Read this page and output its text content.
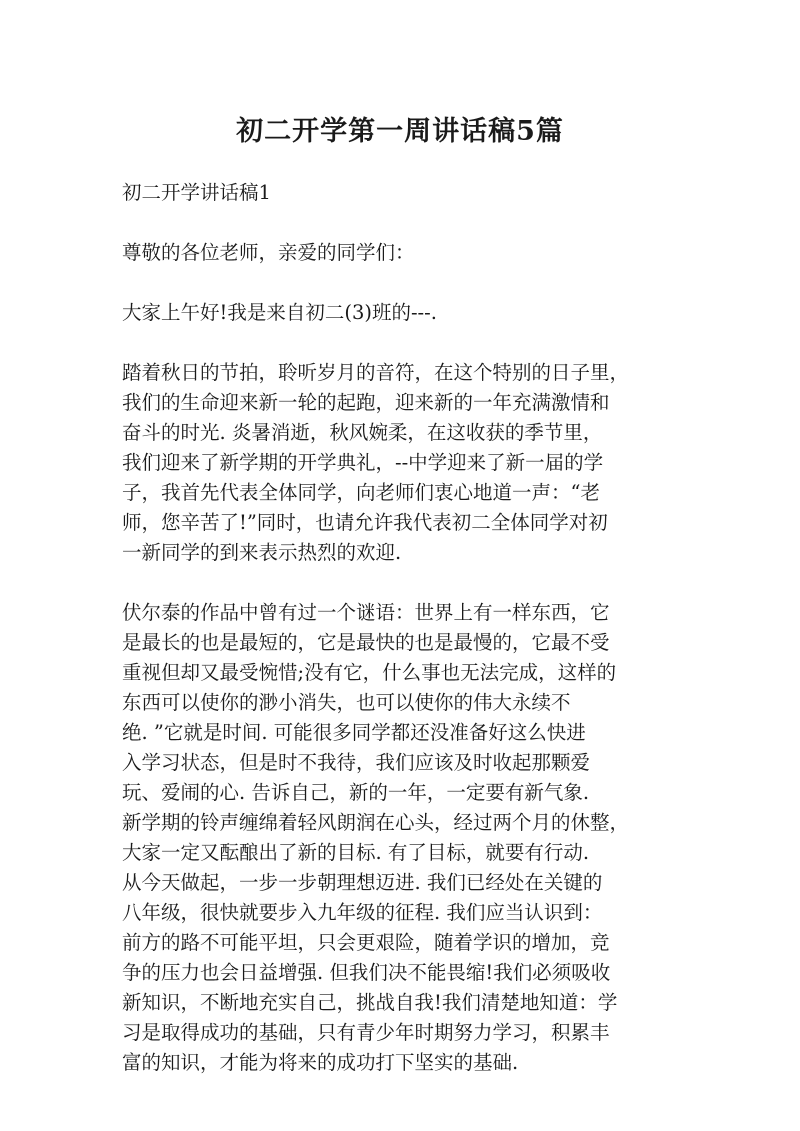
初二开学第一周讲话稿5篇
初二开学讲话稿1
尊敬的各位老师，亲爱的同学们：
大家上午好!我是来自初二(3)班的---.
踏着秋日的节拍，聆听岁月的音符，在这个特别的日子里，
我们的生命迎来新一轮的起跑，迎来新的一年充满激情和
奋斗的时光. 炎暑消逝，秋风婉柔，在这收获的季节里，
我们迎来了新学期的开学典礼，--中学迎来了新一届的学
子，我首先代表全体同学，向老师们衷心地道一声：“老
师，您辛苦了!”同时，也请允许我代表初二全体同学对初
一新同学的到来表示热烈的欢迎.
伏尔泰的作品中曾有过一个谜语：世界上有一样东西，它
是最长的也是最短的，它是最快的也是最慢的，它最不受
重视但却又最受惋惜;没有它，什么事也无法完成，这样的
东西可以使你的渺小消失，也可以使你的伟大永续不
绝. ”它就是时间. 可能很多同学都还没准备好这么快进
入学习状态，但是时不我待，我们应该及时收起那颗爱
玩、爱闹的心. 告诉自己，新的一年，一定要有新气象.
新学期的铃声缠绵着轻风朗润在心头，经过两个月的休整，
大家一定又酝酿出了新的目标. 有了目标，就要有行动.
从今天做起，一步一步朝理想迈进. 我们已经处在关键的
八年级，很快就要步入九年级的征程. 我们应当认识到：
前方的路不可能平坦，只会更艰险，随着学识的增加，竞
争的压力也会日益增强. 但我们决不能畏缩!我们必须吸收
新知识，不断地充实自己，挑战自我!我们清楚地知道：学
习是取得成功的基础，只有青少年时期努力学习，积累丰
富的知识，才能为将来的成功打下坚实的基础.
